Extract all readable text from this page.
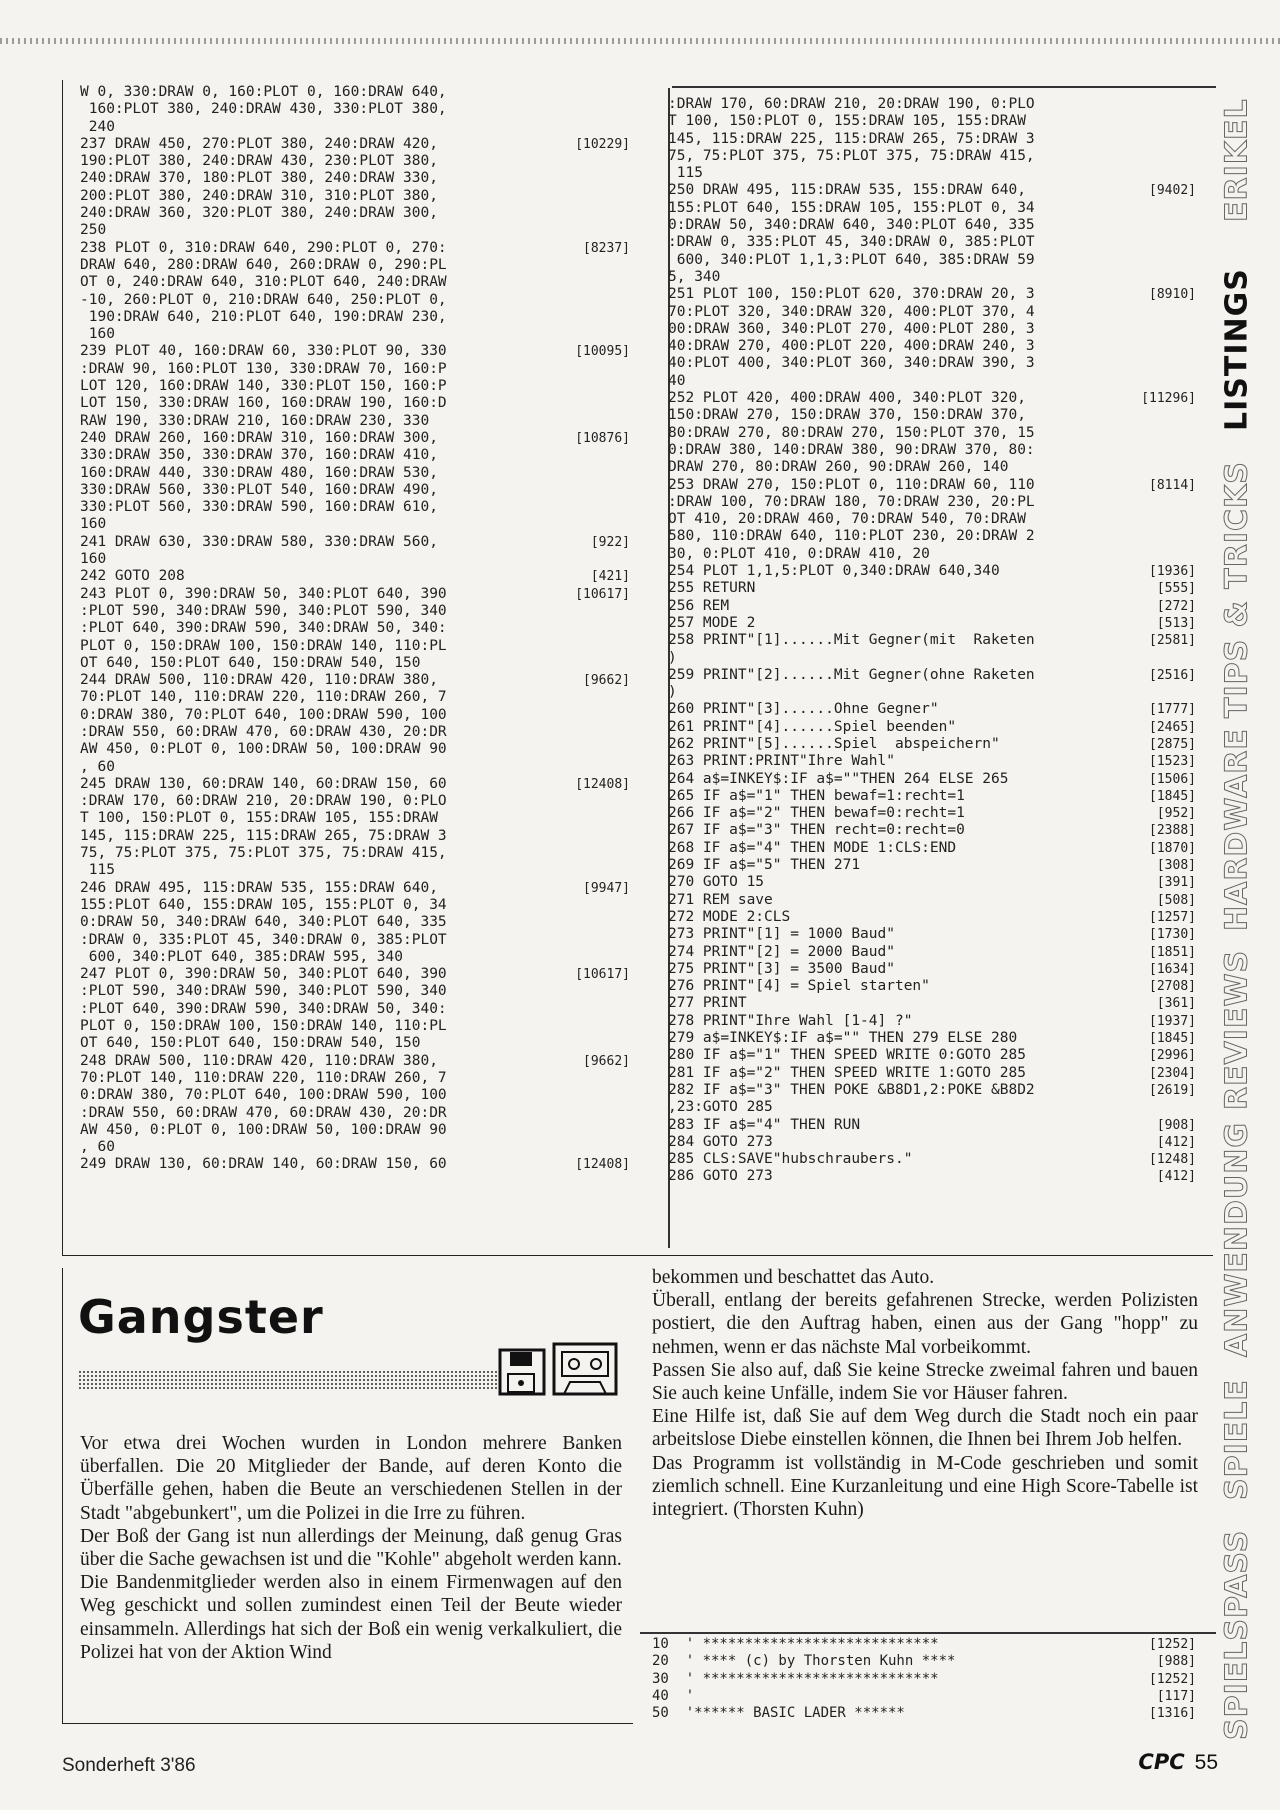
W 0, 330:DRAW 0, 160:PLOT 0, 160:DRAW 640,
160:PLOT 380, 240:DRAW 430, 330:PLOT 380,
240
237 DRAW 450, 270:PLOT 380, 240:DRAW 420,
190:PLOT 380, 240:DRAW 430, 230:PLOT 380,
240:DRAW 370, 180:PLOT 380, 240:DRAW 330,
200:PLOT 380, 240:DRAW 310, 310:PLOT 380,
240:DRAW 360, 320:PLOT 380, 240:DRAW 300,
250
238 PLOT 0, 310:DRAW 640, 290:PLOT 0, 270:
DRAW 640, 280:DRAW 640, 260:DRAW 0, 290:PL
OT 0, 240:DRAW 640, 310:PLOT 640, 240:DRAW
-10, 260:PLOT 0, 210:DRAW 640, 250:PLOT 0,
190:DRAW 640, 210:PLOT 640, 190:DRAW 230,
160
239 PLOT 40, 160:DRAW 60, 330:PLOT 90, 330
:DRAW 90, 160:PLOT 130, 330:DRAW 70, 160:P
LOT 120, 160:DRAW 140, 330:PLOT 150, 160:P
LOT 150, 330:DRAW 160, 160:DRAW 190, 160:D
RAW 190, 330:DRAW 210, 160:DRAW 230, 330
240 DRAW 260, 160:DRAW 310, 160:DRAW 300,
330:DRAW 350, 330:DRAW 370, 160:DRAW 410,
160:DRAW 440, 330:DRAW 480, 160:DRAW 530,
330:DRAW 560, 330:PLOT 540, 160:DRAW 490,
330:PLOT 560, 330:DRAW 590, 160:DRAW 610,
160
241 DRAW 630, 330:DRAW 580, 330:DRAW 560,
160
242 GOTO 208
243 PLOT 0, 390:DRAW 50, 340:PLOT 640, 390
:PLOT 590, 340:DRAW 590, 340:PLOT 590, 340
:PLOT 640, 390:DRAW 590, 340:DRAW 50, 340:
PLOT 0, 150:DRAW 100, 150:DRAW 140, 110:PL
OT 640, 150:PLOT 640, 150:DRAW 540, 150
244 DRAW 500, 110:DRAW 420, 110:DRAW 380,
70:PLOT 140, 110:DRAW 220, 110:DRAW 260, 7
0:DRAW 380, 70:PLOT 640, 100:DRAW 590, 100
:DRAW 550, 60:DRAW 470, 60:DRAW 430, 20:DR
AW 450, 0:PLOT 0, 100:DRAW 50, 100:DRAW 90
, 60
245 DRAW 130, 60:DRAW 140, 60:DRAW 150, 60
:DRAW 170, 60:DRAW 210, 20:DRAW 190, 0:PLO
T 100, 150:PLOT 0, 155:DRAW 105, 155:DRAW
145, 115:DRAW 225, 115:DRAW 265, 75:DRAW 3
75, 75:PLOT 375, 75:PLOT 375, 75:DRAW 415,
115
246 DRAW 495, 115:DRAW 535, 155:DRAW 640,
155:PLOT 640, 155:DRAW 105, 155:PLOT 0, 34
0:DRAW 50, 340:DRAW 640, 340:PLOT 640, 335
:DRAW 0, 335:PLOT 45, 340:DRAW 0, 385:PLOT
600, 340:PLOT 640, 385:DRAW 595, 340
247 PLOT 0, 390:DRAW 50, 340:PLOT 640, 390
:PLOT 590, 340:DRAW 590, 340:PLOT 590, 340
:PLOT 640, 390:DRAW 590, 340:DRAW 50, 340:
PLOT 0, 150:DRAW 100, 150:DRAW 140, 110:PL
OT 640, 150:PLOT 640, 150:DRAW 540, 150
248 DRAW 500, 110:DRAW 420, 110:DRAW 380,
70:PLOT 140, 110:DRAW 220, 110:DRAW 260, 7
0:DRAW 380, 70:PLOT 640, 100:DRAW 590, 100
:DRAW 550, 60:DRAW 470, 60:DRAW 430, 20:DR
AW 450, 0:PLOT 0, 100:DRAW 50, 100:DRAW 90
, 60
249 DRAW 130, 60:DRAW 140, 60:DRAW 150, 60

[10229]

[8237]

[10095]

[10876]

[922]

[421]
[10617]

[9662]

[12408]

[9947]

[10617]

[9662]

[12408]
:DRAW 170, 60:DRAW 210, 20:DRAW 190, 0:PLO
T 100, 150:PLOT 0, 155:DRAW 105, 155:DRAW
145, 115:DRAW 225, 115:DRAW 265, 75:DRAW 3
75, 75:PLOT 375, 75:PLOT 375, 75:DRAW 415,
115
250 DRAW 495, 115:DRAW 535, 155:DRAW 640,
155:PLOT 640, 155:DRAW 105, 155:PLOT 0, 34
0:DRAW 50, 340:DRAW 640, 340:PLOT 640, 335
:DRAW 0, 335:PLOT 45, 340:DRAW 0, 385:PLOT
600, 340:PLOT 1,1,3:PLOT 640, 385:DRAW 59
5, 340
251 PLOT 100, 150:PLOT 620, 370:DRAW 20, 3
70:PLOT 320, 340:DRAW 320, 400:PLOT 370, 4
00:DRAW 360, 340:PLOT 270, 400:PLOT 280, 3
40:DRAW 270, 400:PLOT 220, 400:DRAW 240, 3
40:PLOT 400, 340:PLOT 360, 340:DRAW 390, 3
40
252 PLOT 420, 400:DRAW 400, 340:PLOT 320,
150:DRAW 270, 150:DRAW 370, 150:DRAW 370,
80:DRAW 270, 80:DRAW 270, 150:PLOT 370, 15
0:DRAW 380, 140:DRAW 380, 90:DRAW 370, 80:
DRAW 270, 80:DRAW 260, 90:DRAW 260, 140
253 DRAW 270, 150:PLOT 0, 110:DRAW 60, 110
:DRAW 100, 70:DRAW 180, 70:DRAW 230, 20:PL
OT 410, 20:DRAW 460, 70:DRAW 540, 70:DRAW
580, 110:DRAW 640, 110:PLOT 230, 20:DRAW 2
30, 0:PLOT 410, 0:DRAW 410, 20
254 PLOT 1,1,5:PLOT 0,340:DRAW 640,340
255 RETURN
256 REM
257 MODE 2
258 PRINT"[1]......Mit Gegner(mit  Raketen
)
259 PRINT"[2]......Mit Gegner(ohne Raketen
)
260 PRINT"[3]......Ohne Gegner"
261 PRINT"[4]......Spiel beenden"
262 PRINT"[5]......Spiel  abspeichern"
263 PRINT:PRINT"Ihre Wahl"
264 a$=INKEY$:IF a$=""THEN 264 ELSE 265
265 IF a$="1" THEN bewaf=1:recht=1
266 IF a$="2" THEN bewaf=0:recht=1
267 IF a$="3" THEN recht=0:recht=0
268 IF a$="4" THEN MODE 1:CLS:END
269 IF a$="5" THEN 271
270 GOTO 15
271 REM save
272 MODE 2:CLS
273 PRINT"[1] = 1000 Baud"
274 PRINT"[2] = 2000 Baud"
275 PRINT"[3] = 3500 Baud"
276 PRINT"[4] = Spiel starten"
277 PRINT
278 PRINT"Ihre Wahl [1-4] ?"
279 a$=INKEY$:IF a$="" THEN 279 ELSE 280
280 IF a$="1" THEN SPEED WRITE 0:GOTO 285
281 IF a$="2" THEN SPEED WRITE 1:GOTO 285
282 IF a$="3" THEN POKE &B8D1,2:POKE &B8D2
,23:GOTO 285
283 IF a$="4" THEN RUN
284 GOTO 273
285 CLS:SAVE"hubschraubers."
286 GOTO 273

[9402]

[8910]

[11296]

[8114]

[1936]
[555]
[272]
[513]
[2581]

[2516]

[1777]
[2465]
[2875]
[1523]
[1506]
[1845]
[952]
[2388]
[1870]
[308]
[391]
[508]
[1257]
[1730]
[1851]
[1634]
[2708]
[361]
[1937]
[1845]
[2996]
[2304]
[2619]

[908]
[412]
[1248]
[412]
Gangster

Vor etwa drei Wochen wurden in London mehrere Banken überfallen. Die 20 Mitglieder der Bande, auf deren Konto die Überfälle gehen, haben die Beute an verschiedenen Stellen in der Stadt "abgebunkert", um die Polizei in die Irre zu führen.

Der Boß der Gang ist nun allerdings der Meinung, daß genug Gras über die Sache gewachsen ist und die "Kohle" abgeholt werden kann.

Die Bandenmitglieder werden also in einem Firmenwagen auf den Weg geschickt und sollen zumindest einen Teil der Beute wieder einsammeln. Allerdings hat sich der Boß ein wenig verkalkuliert, die Polizei hat von der Aktion Wind

bekommen und beschattet das Auto.

Überall, entlang der bereits gefahrenen Strecke, werden Polizisten postiert, die den Auftrag haben, einen aus der Gang "hopp" zu nehmen, wenn er das nächste Mal vorbeikommt.

Passen Sie also auf, daß Sie keine Strecke zweimal fahren und bauen Sie auch keine Unfälle, indem Sie vor Häuser fahren.

Eine Hilfe ist, daß Sie auf dem Weg durch die Stadt noch ein paar arbeitslose Diebe einstellen können, die Ihnen bei Ihrem Job helfen.

Das Programm ist vollständig in M-Code geschrieben und somit ziemlich schnell. Eine Kurzanleitung und eine High Score-Tabelle ist integriert. (Thorsten Kuhn)

10  ' ****************************
20  ' **** (c) by Thorsten Kuhn ****
30  ' ****************************
40  '
50  '****** BASIC LADER ******
[1252]
[988]
[1252]
[117]
[1316]
ERIKEL
LISTINGS
TIPS & TRICKS
HARDWARE
REVIEWS
ANWENDUNG
SPIELE
SPIELSPASS
Sonderheft 3'86	CPC 55
